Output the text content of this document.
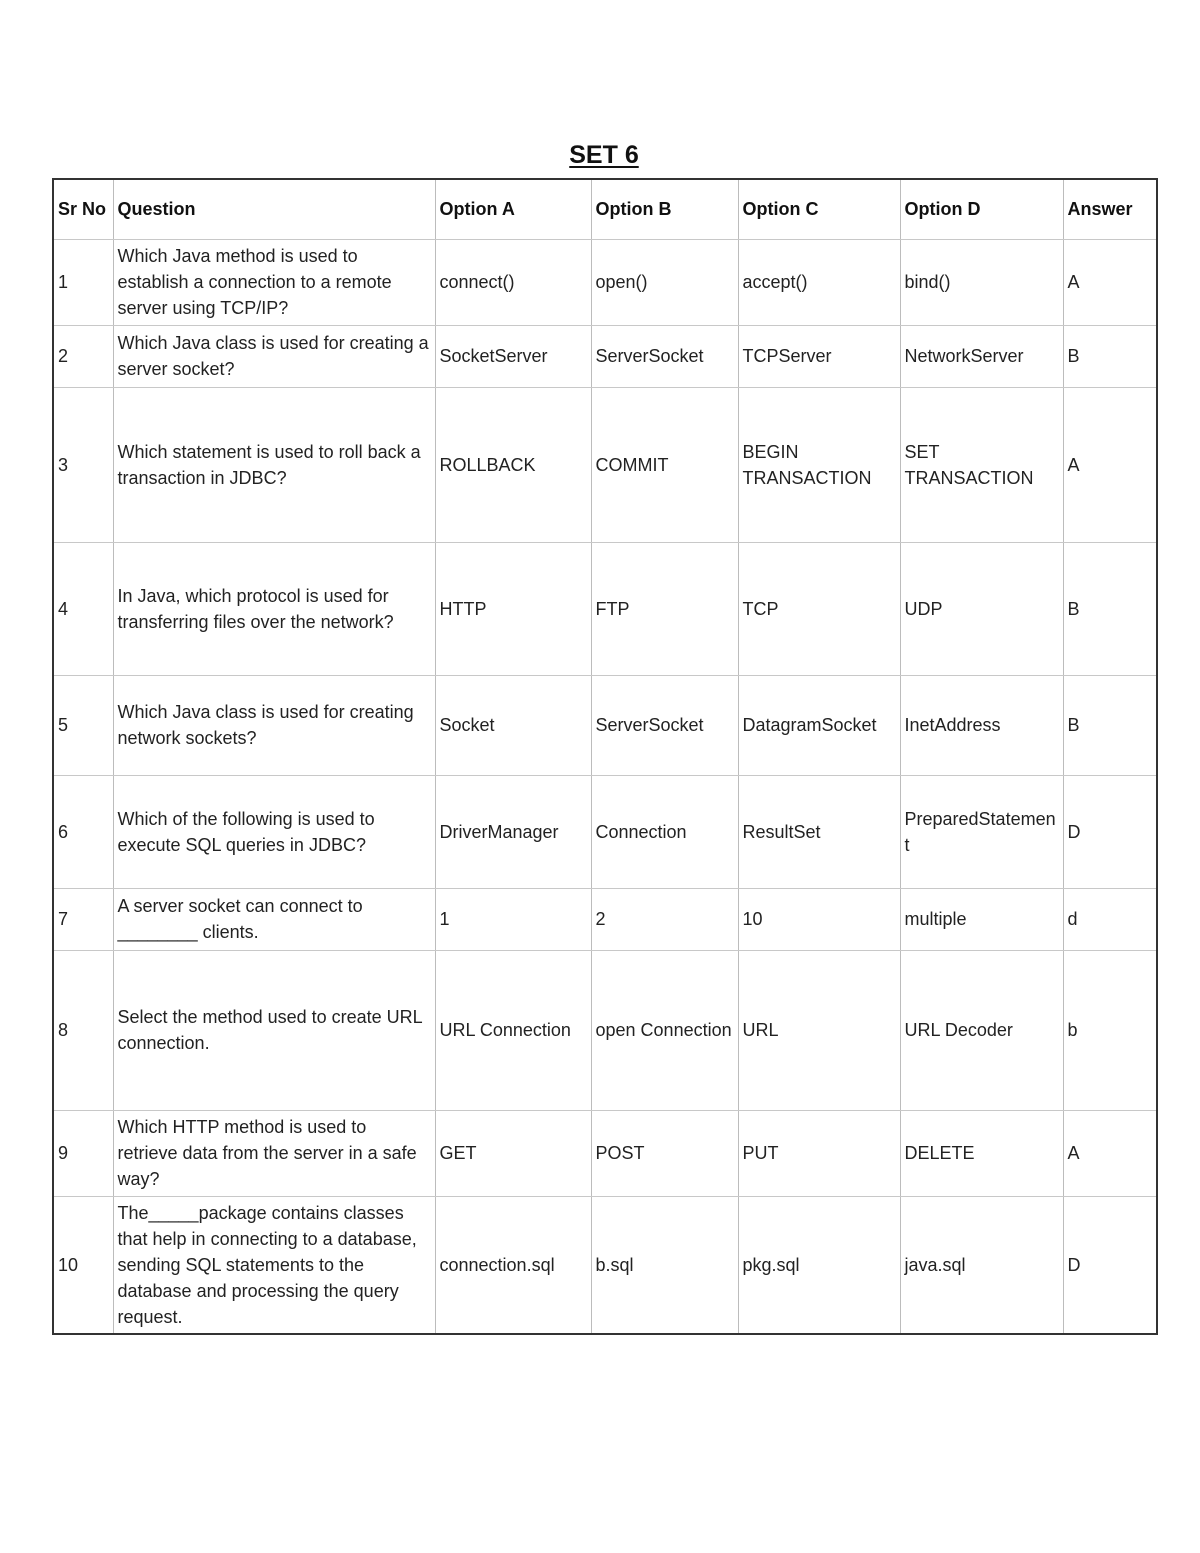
SET 6
Sr No	Question	Option A	Option B	Option C	Option D	Answer
1	Which Java method is used to establish a connection to a remote server using TCP/IP?	connect()	open()	accept()	bind()	A
2	Which Java class is used for creating a server socket?	SocketServer	ServerSocket	TCPServer	NetworkServer	B
3	Which statement is used to roll back a transaction in JDBC?	ROLLBACK	COMMIT	BEGIN TRANSACTION	SET TRANSACTION	A
4	In Java, which protocol is used for transferring files over the network?	HTTP	FTP	TCP	UDP	B
5	Which Java class is used for creating network sockets?	Socket	ServerSocket	DatagramSocket	InetAddress	B
6	Which of the following is used to execute SQL queries in JDBC?	DriverManager	Connection	ResultSet	PreparedStatement	D
7	A server socket can connect to ________ clients.	1	2	10	multiple	d
8	Select the method used to create URL connection.	URL Connection	open Connection	URL	URL Decoder	b
9	Which HTTP method is used to retrieve data from the server in a safe way?	GET	POST	PUT	DELETE	A
10	The_____package contains classes that help in connecting to a database, sending SQL statements to the database and processing the query request.	connection.sql	b.sql	pkg.sql	java.sql	D
